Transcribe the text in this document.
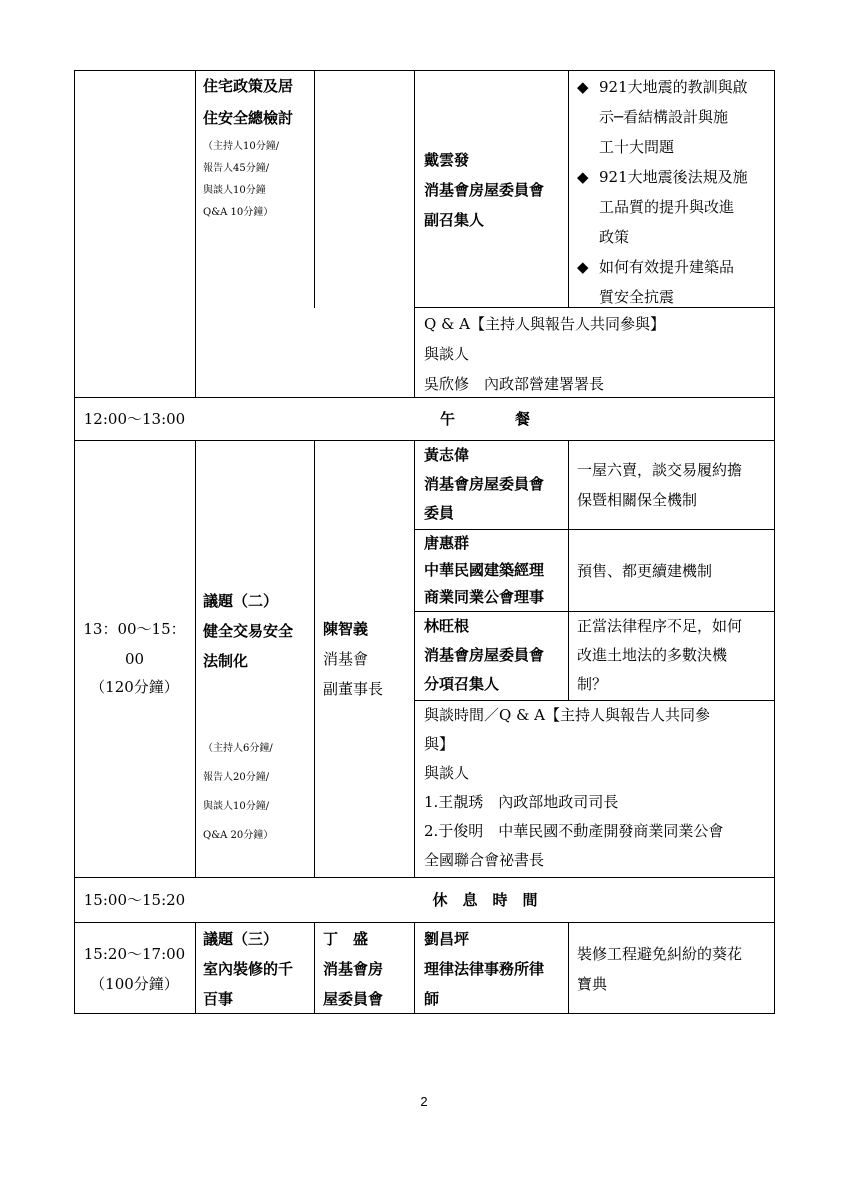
住宅政策及居
住安全總檢討
（主持人10分鐘/
報告人45分鐘/
與談人10分鐘
Q&A 10分鐘）
戴雲發
消基會房屋委員會
副召集人
◆ 921大地震的教訓與啟
示─看結構設計與施
工十大問題
◆ 921大地震後法規及施
工品質的提升與改進
政策
◆ 如何有效提升建築品
質安全抗震
Q & A【主持人與報告人共同參與】
與談人
吳欣修　內政部營建署署長
12:00～13:00	午　　　　餐
13：00～15：
00
（120分鐘）
議題（二）
健全交易安全
法制化
（主持人6分鐘/
報告人20分鐘/
與談人10分鐘/
Q&A 20分鐘）
陳智義
消基會
副董事長
黃志偉
消基會房屋委員會
委員
一屋六賣，談交易履約擔
保暨相關保全機制
唐惠群
中華民國建築經理
商業同業公會理事
預售、都更續建機制
林旺根
消基會房屋委員會
分項召集人
正當法律程序不足，如何
改進土地法的多數決機
制？
與談時間／Q & A【主持人與報告人共同參
與】
與談人
1.王靚琇　內政部地政司司長
2.于俊明　中華民國不動產開發商業同業公會
全國聯合會祕書長
15:00～15:20	休　息　時　間
15:20～17:00
（100分鐘）
議題（三）
室內裝修的千
百事
丁　盛
消基會房
屋委員會
劉昌坪
理律法律事務所律
師
裝修工程避免糾紛的葵花
寶典
2
